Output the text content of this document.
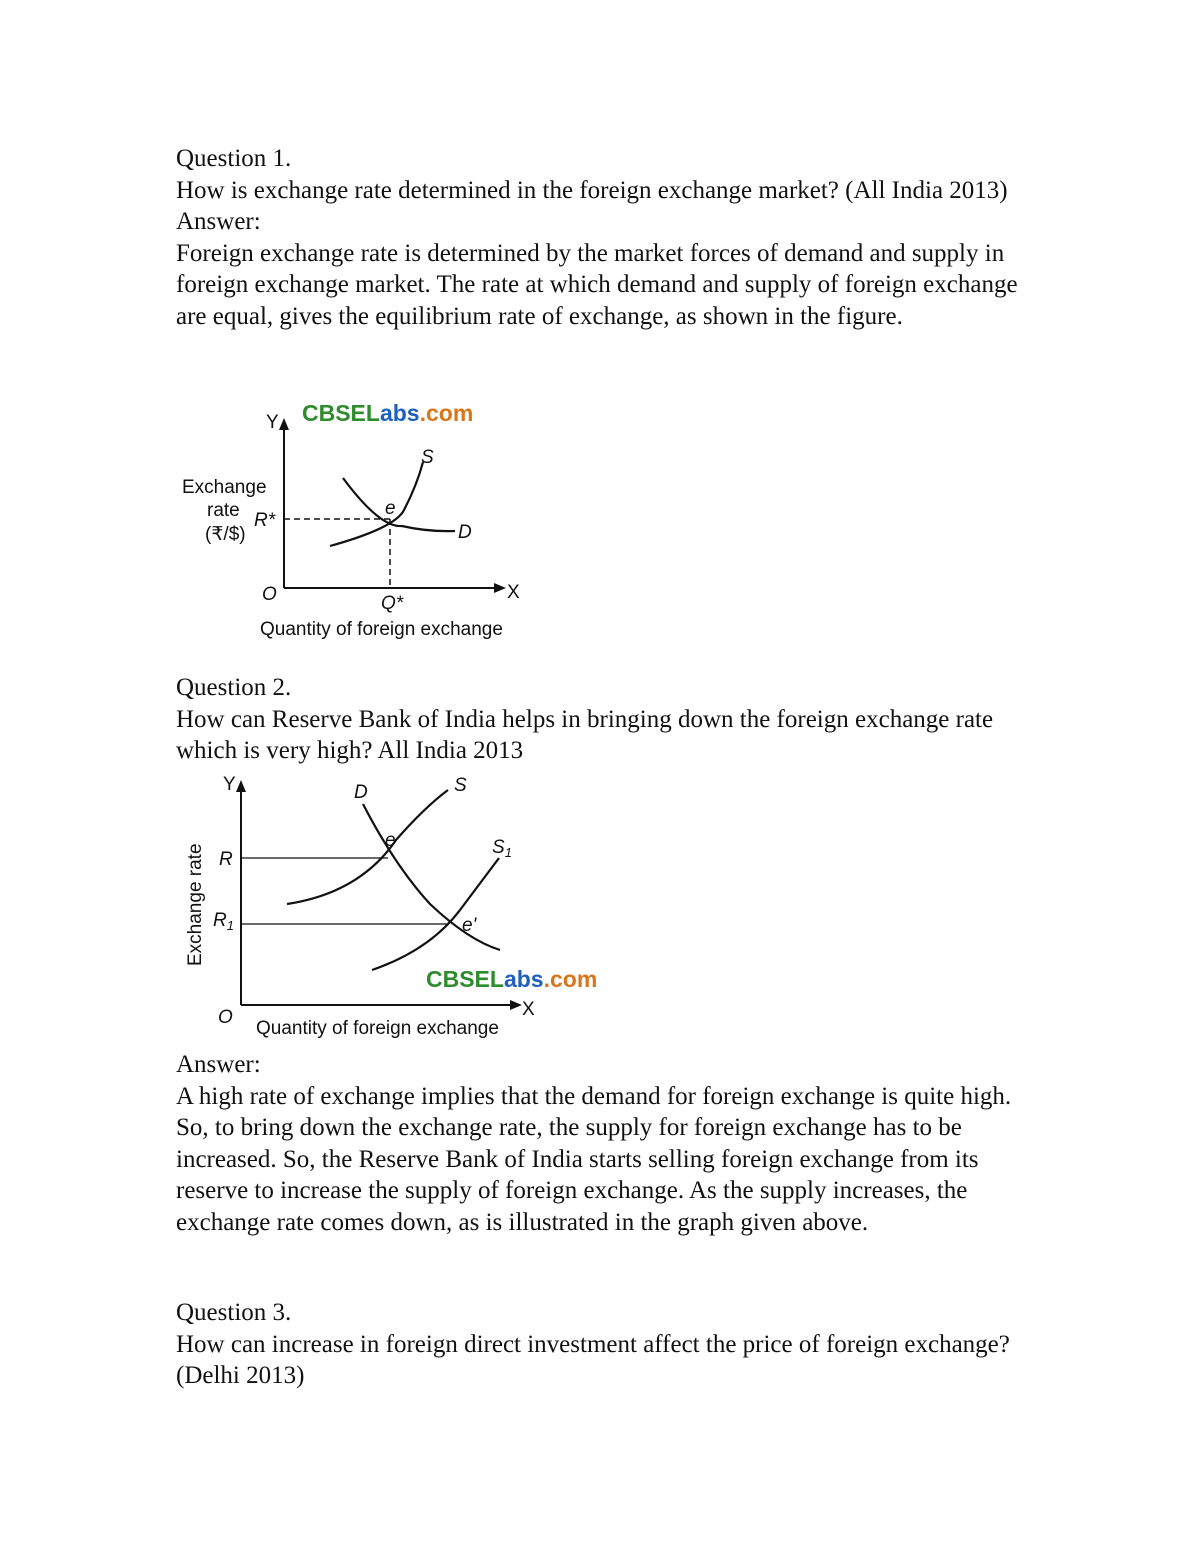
Question 1.

How is exchange rate determined in the foreign exchange market? (All India 2013)

Answer:

Foreign exchange rate is determined by the market forces of demand and supply in foreign exchange market. The rate at which demand and supply of foreign exchange are equal, gives the equilibrium rate of exchange, as shown in the figure.

Y
X
O
CBSELabs.com
Exchange
rate
(₹/$)
R*
Q*
e
S
D
Quantity of foreign exchange

Question 2.

How can Reserve Bank of India helps in bringing down the foreign exchange rate which is very high? All India 2013

Y
X
O
Exchange rate R
$R_1$
D	S
$S_1$
e
e'
CBSELabs.com
Quantity of foreign exchange

Answer:

A high rate of exchange implies that the demand for foreign exchange is quite high. So, to bring down the exchange rate, the supply for foreign exchange has to be increased. So, the Reserve Bank of India starts selling foreign exchange from its reserve to increase the supply of foreign exchange. As the supply increases, the exchange rate comes down, as is illustrated in the graph given above.

Question 3.

How can increase in foreign direct investment affect the price of foreign exchange? (Delhi 2013)
